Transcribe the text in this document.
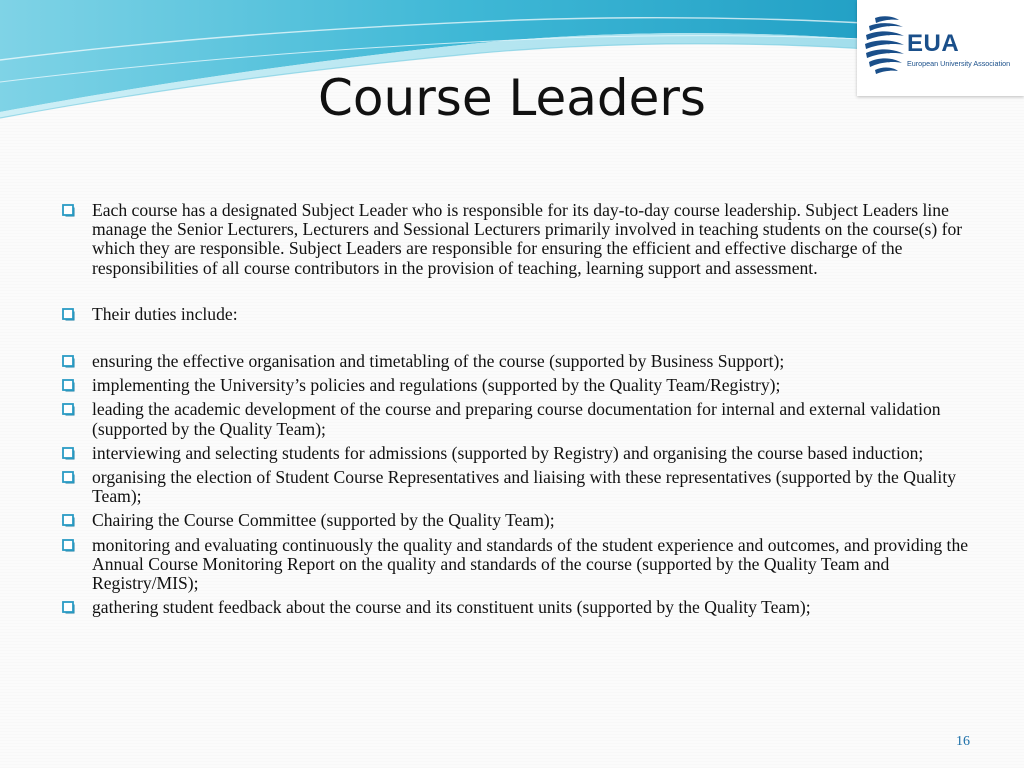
EUA
European University Association
Course Leaders

Each course has a designated Subject Leader who is responsible for its day-to-day course leadership. Subject Leaders line manage the Senior Lecturers, Lecturers and Sessional Lecturers primarily involved in teaching students on the course(s) for which they are responsible. Subject Leaders are responsible for ensuring the efficient and effective discharge of the responsibilities of all course contributors in the provision of teaching, learning support and assessment.

Their duties include:

ensuring the effective organisation and timetabling of the course (supported by Business Support);

implementing the University’s policies and regulations (supported by the Quality Team/Registry);

leading the academic development of the course and preparing course documentation for internal and external validation (supported by the Quality Team);

interviewing and selecting students for admissions (supported by Registry) and organising the course based induction;

organising the election of Student Course Representatives and liaising with these representatives (supported by the Quality Team);

Chairing the Course Committee (supported by the Quality Team);

monitoring and evaluating continuously the quality and standards of the student experience and outcomes, and providing the Annual Course Monitoring Report on the quality and standards of the course (supported by the Quality Team and Registry/MIS);

gathering student feedback about the course and its constituent units (supported by the Quality Team);

16
